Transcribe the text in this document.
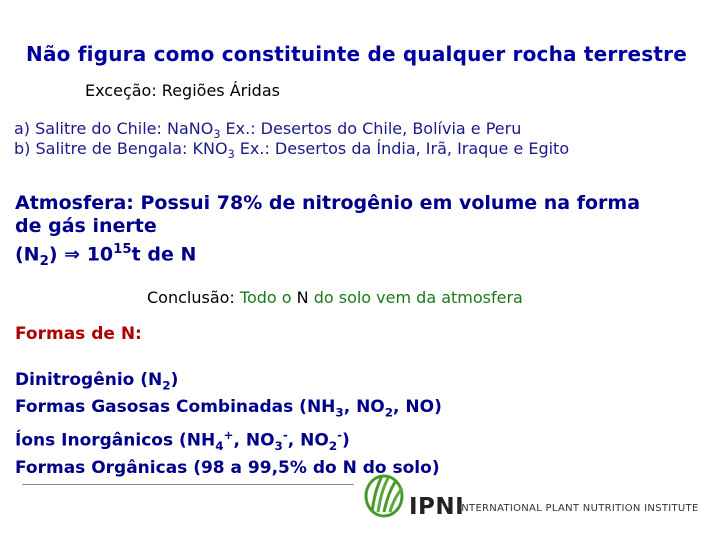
Não figura como constituinte de qualquer rocha terrestre
Exceção: Regiões Áridas
a) Salitre do Chile: NaNO$_3$ Ex.: Desertos do Chile, Bolívia e Peru
b) Salitre de Bengala: $KNO_3$ Ex.: Desertos da Índia, Irã, Iraque e Egito
Atmosfera: Possui 78% de nitrogênio em volume na forma
de gás inerte
$(N_2)$ ⇒ $10^{15}t$ de N
Conclusão: Todo o N do solo vem da atmosfera
Formas de N:
Dinitrogênio $(N_2)$
Formas Gasosas Combinadas ($NH_3$, $NO_2$, NO)
Íons Inorgânicos ($NH_4^+$, $NO_3^-$, $NO_2^-$)
Formas Orgânicas (98 a 99,5% do N do solo)
IPNI
INTERNATIONAL PLANT NUTRITION INSTITUTE
